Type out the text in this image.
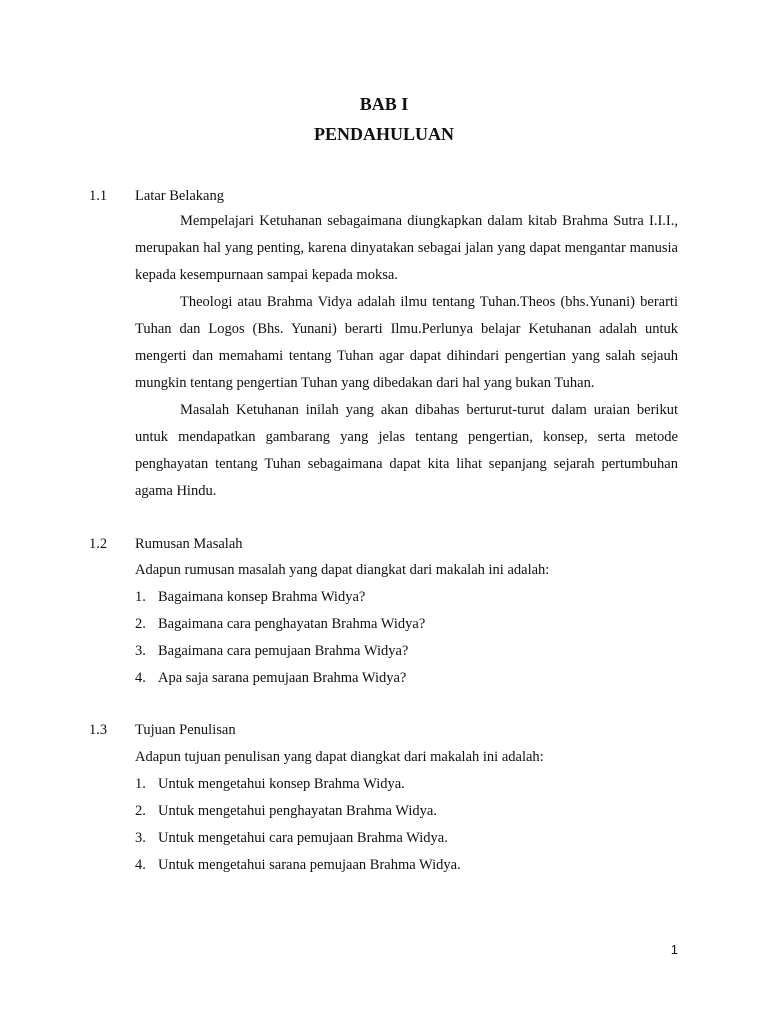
BAB I
PENDAHULUAN
1.1 Latar Belakang

Mempelajari Ketuhanan sebagaimana diungkapkan dalam kitab Brahma Sutra I.I.I., merupakan hal yang penting, karena dinyatakan sebagai jalan yang dapat mengantar manusia kepada kesempurnaan sampai kepada moksa.

Theologi atau Brahma Vidya adalah ilmu tentang Tuhan.Theos (bhs.Yunani) berarti Tuhan dan Logos (Bhs. Yunani) berarti Ilmu.Perlunya belajar Ketuhanan adalah untuk mengerti dan memahami tentang Tuhan agar dapat dihindari pengertian yang salah sejauh mungkin tentang pengertian Tuhan yang dibedakan dari hal yang bukan Tuhan.

Masalah Ketuhanan inilah yang akan dibahas berturut-turut dalam uraian berikut untuk mendapatkan gambarang yang jelas tentang pengertian, konsep, serta metode penghayatan tentang Tuhan sebagaimana dapat kita lihat sepanjang sejarah pertumbuhan agama Hindu.

1.2 Rumusan Masalah

Adapun rumusan masalah yang dapat diangkat dari makalah ini adalah:

1. Bagaimana konsep Brahma Widya?
2. Bagaimana cara penghayatan Brahma Widya?
3. Bagaimana cara pemujaan Brahma Widya?
4. Apa saja sarana pemujaan Brahma Widya?
1.3 Tujuan Penulisan

Adapun tujuan penulisan yang dapat diangkat dari makalah ini adalah:

1. Untuk mengetahui konsep Brahma Widya.
2. Untuk mengetahui penghayatan Brahma Widya.
3. Untuk mengetahui cara pemujaan Brahma Widya.
4. Untuk mengetahui sarana pemujaan Brahma Widya.
1
